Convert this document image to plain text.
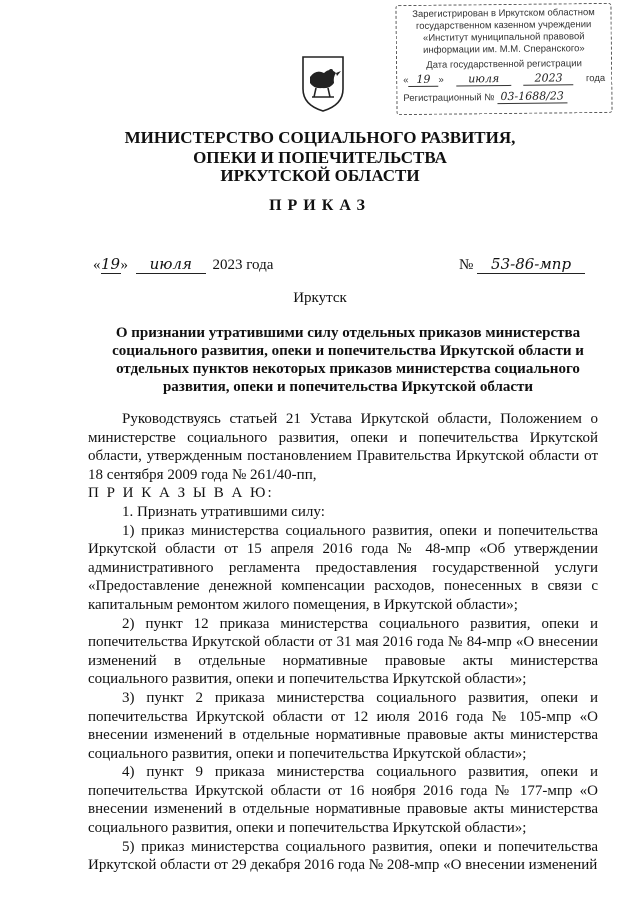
Зарегистрирован в Иркутском областном
государственном казенном учреждении
«Институт муниципальной правовой
информации им. М.М. Сперанского»
Дата государственной регистрации
« 19 »	июля	2023	года
Регистрационный № 03-1688/23
МИНИСТЕРСТВО СОЦИАЛЬНОГО РАЗВИТИЯ,
ОПЕКИ И ПОПЕЧИТЕЛЬСТВА
ИРКУТСКОЙ ОБЛАСТИ
ПРИКАЗ
«19» июля 2023 года	№ 53-86-мпр
Иркутск
О признании утратившими силу отдельных приказов министерства социального развития, опеки и попечительства Иркутской области и отдельных пунктов некоторых приказов министерства социального развития, опеки и попечительства Иркутской области

Руководствуясь статьей 21 Устава Иркутской области, Положением о министерстве социального развития, опеки и попечительства Иркутской области, утвержденным постановлением Правительства Иркутской области от 18 сентября 2009 года № 261/40-пп,

П Р И К А З Ы В А Ю:

1. Признать утратившими силу:

1) приказ министерства социального развития, опеки и попечительства Иркутской области от 15 апреля 2016 года № 48-мпр «Об утверждении административного регламента предоставления государственной услуги «Предоставление денежной компенсации расходов, понесенных в связи с капитальным ремонтом жилого помещения, в Иркутской области»;

2) пункт 12 приказа министерства социального развития, опеки и попечительства Иркутской области от 31 мая 2016 года № 84-мпр «О внесении изменений в отдельные нормативные правовые акты министерства социального развития, опеки и попечительства Иркутской области»;

3) пункт 2 приказа министерства социального развития, опеки и попечительства Иркутской области от 12 июля 2016 года № 105-мпр «О внесении изменений в отдельные нормативные правовые акты министерства социального развития, опеки и попечительства Иркутской области»;

4) пункт 9 приказа министерства социального развития, опеки и попечительства Иркутской области от 16 ноября 2016 года № 177-мпр «О внесении изменений в отдельные нормативные правовые акты министерства социального развития, опеки и попечительства Иркутской области»;

5) приказ министерства социального развития, опеки и попечительства Иркутской области от 29 декабря 2016 года № 208-мпр «О внесении изменений
